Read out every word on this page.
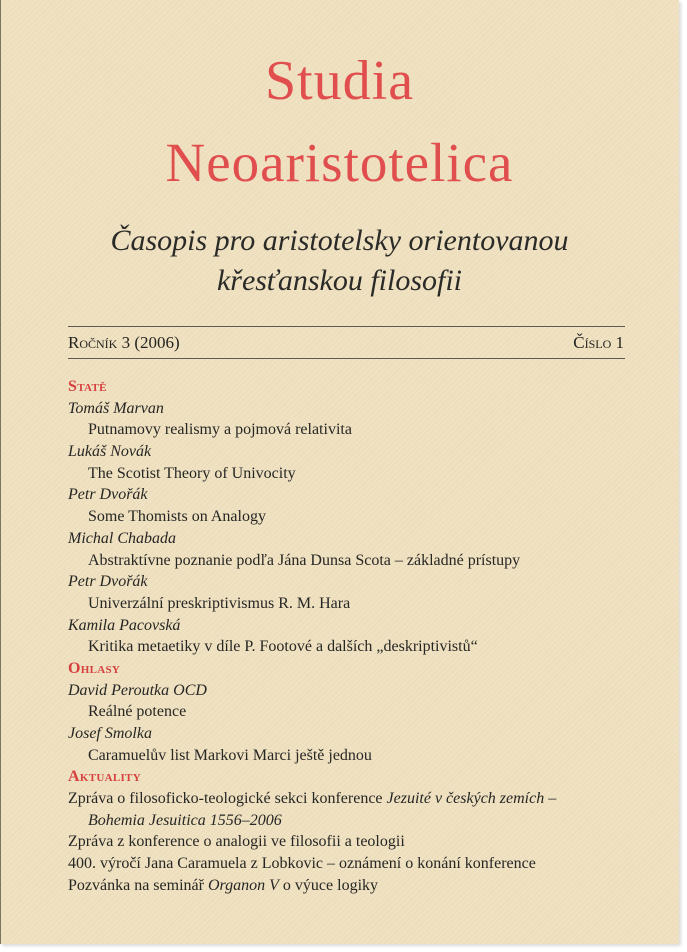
Studia
Neoaristotelica
Časopis pro aristotelsky orientovanou
křesťanskou filosofii
Ročník 3 (2006)	Číslo 1
Statě
Tomáš Marvan
Putnamovy realismy a pojmová relativita
Lukáš Novák
The Scotist Theory of Univocity
Petr Dvořák
Some Thomists on Analogy
Michal Chabada
Abstraktívne poznanie podľa Jána Dunsa Scota – základné prístupy
Petr Dvořák
Univerzální preskriptivismus R. M. Hara
Kamila Pacovská
Kritika metaetiky v díle P. Footové a dalších „deskriptivistů“
Ohlasy
David Peroutka OCD
Reálné potence
Josef Smolka
Caramuelův list Markovi Marci ještě jednou
Aktuality
Zpráva o filosoficko-teologické sekci konference Jezuité v českých zemích –
Bohemia Jesuitica 1556–2006
Zpráva z konference o analogii ve filosofii a teologii
400. výročí Jana Caramuela z Lobkovic – oznámení o konání konference
Pozvánka na seminář Organon V o výuce logiky
